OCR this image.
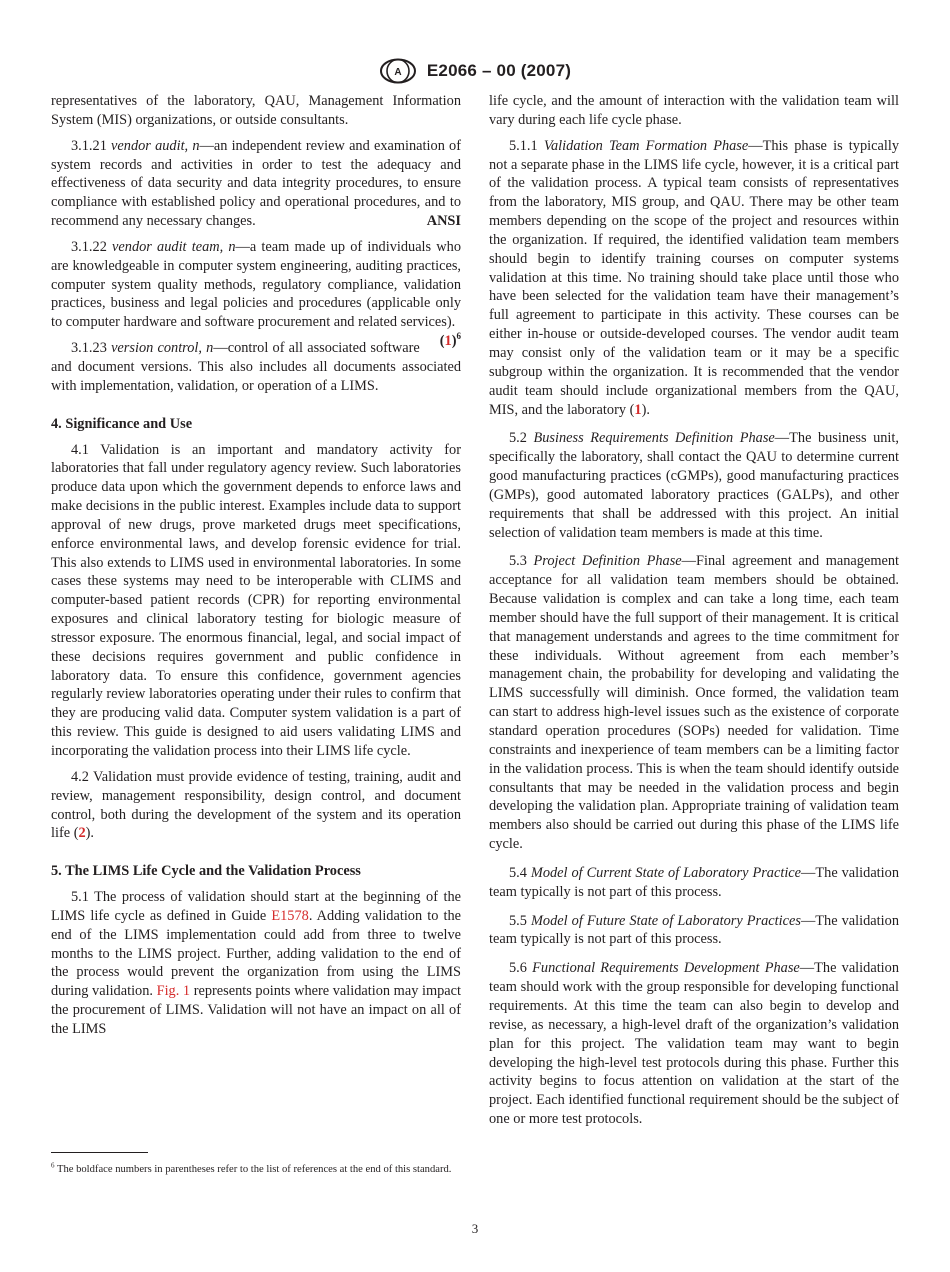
A E2066 – 00 (2007)

representatives of the laboratory, QAU, Management Information System (MIS) organizations, or outside consultants.

3.1.21 vendor audit, n—an independent review and examination of system records and activities in order to test the adequacy and effectiveness of data security and data integrity procedures, to ensure compliance with established policy and operational procedures, and to recommend any necessary changes.	ANSI

3.1.22 vendor audit team, n—a team made up of individuals who are knowledgeable in computer system engineering, auditing practices, computer system quality methods, regulatory compliance, validation practices, business and legal policies and procedures (applicable only to computer hardware and software procurement and related services).
$(1)^6$

3.1.23 version control, n—control of all associated software and document versions. This also includes all documents associated with implementation, validation, or operation of a LIMS.

4. Significance and Use

4.1 Validation is an important and mandatory activity for laboratories that fall under regulatory agency review. Such laboratories produce data upon which the government depends to enforce laws and make decisions in the public interest. Examples include data to support approval of new drugs, prove marketed drugs meet specifications, enforce environmental laws, and develop forensic evidence for trial. This also extends to LIMS used in environmental laboratories. In some cases these systems may need to be interoperable with CLIMS and computer-based patient records (CPR) for reporting environmental exposures and clinical laboratory testing for biologic measure of stressor exposure. The enormous financial, legal, and social impact of these decisions requires government and public confidence in laboratory data. To ensure this confidence, government agencies regularly review laboratories operating under their rules to confirm that they are producing valid data. Computer system validation is a part of this review. This guide is designed to aid users validating LIMS and incorporating the validation process into their LIMS life cycle.

4.2 Validation must provide evidence of testing, training, audit and review, management responsibility, design control, and document control, both during the development of the system and its operation life (2).

5. The LIMS Life Cycle and the Validation Process

5.1 The process of validation should start at the beginning of the LIMS life cycle as defined in Guide E1578. Adding validation to the end of the LIMS implementation could add from three to twelve months to the LIMS project. Further, adding validation to the end of the process would prevent the organization from using the LIMS during validation. Fig. 1 represents points where validation may impact the procurement of LIMS. Validation will not have an impact on all of the LIMS

life cycle, and the amount of interaction with the validation team will vary during each life cycle phase.

5.1.1 Validation Team Formation Phase—This phase is typically not a separate phase in the LIMS life cycle, however, it is a critical part of the validation process. A typical team consists of representatives from the laboratory, MIS group, and QAU. There may be other team members depending on the scope of the project and resources within the organization. If required, the identified validation team members should begin to identify training courses on computer systems validation at this time. No training should take place until those who have been selected for the validation team have their management’s full agreement to participate in this activity. These courses can be either in-house or outside-developed courses. The vendor audit team may consist only of the validation team or it may be a specific subgroup within the organization. It is recommended that the vendor audit team should include organizational members from the QAU, MIS, and the laboratory (1).

5.2 Business Requirements Definition Phase—The business unit, specifically the laboratory, shall contact the QAU to determine current good manufacturing practices (cGMPs), good manufacturing practices (GMPs), good automated laboratory practices (GALPs), and other requirements that shall be addressed with this project. An initial selection of validation team members is made at this time.

5.3 Project Definition Phase—Final agreement and management acceptance for all validation team members should be obtained. Because validation is complex and can take a long time, each team member should have the full support of their management. It is critical that management understands and agrees to the time commitment for these individuals. Without agreement from each member’s management chain, the probability for developing and validating the LIMS successfully will diminish. Once formed, the validation team can start to address high-level issues such as the existence of corporate standard operation procedures (SOPs) needed for validation. Time constraints and inexperience of team members can be a limiting factor in the validation process. This is when the team should identify outside consultants that may be needed in the validation process and begin developing the validation plan. Appropriate training of validation team members also should be carried out during this phase of the LIMS life cycle.

5.4 Model of Current State of Laboratory Practice—The validation team typically is not part of this process.

5.5 Model of Future State of Laboratory Practices—The validation team typically is not part of this process.

5.6 Functional Requirements Development Phase—The validation team should work with the group responsible for developing functional requirements. At this time the team can also begin to develop and revise, as necessary, a high-level draft of the organization’s validation plan for this project. The validation team may want to begin developing the high-level test protocols during this phase. Further this activity begins to focus attention on validation at the start of the project. Each identified functional requirement should be the subject of one or more test protocols.

$^6$ The boldface numbers in parentheses refer to the list of references at the end of this standard.
3
